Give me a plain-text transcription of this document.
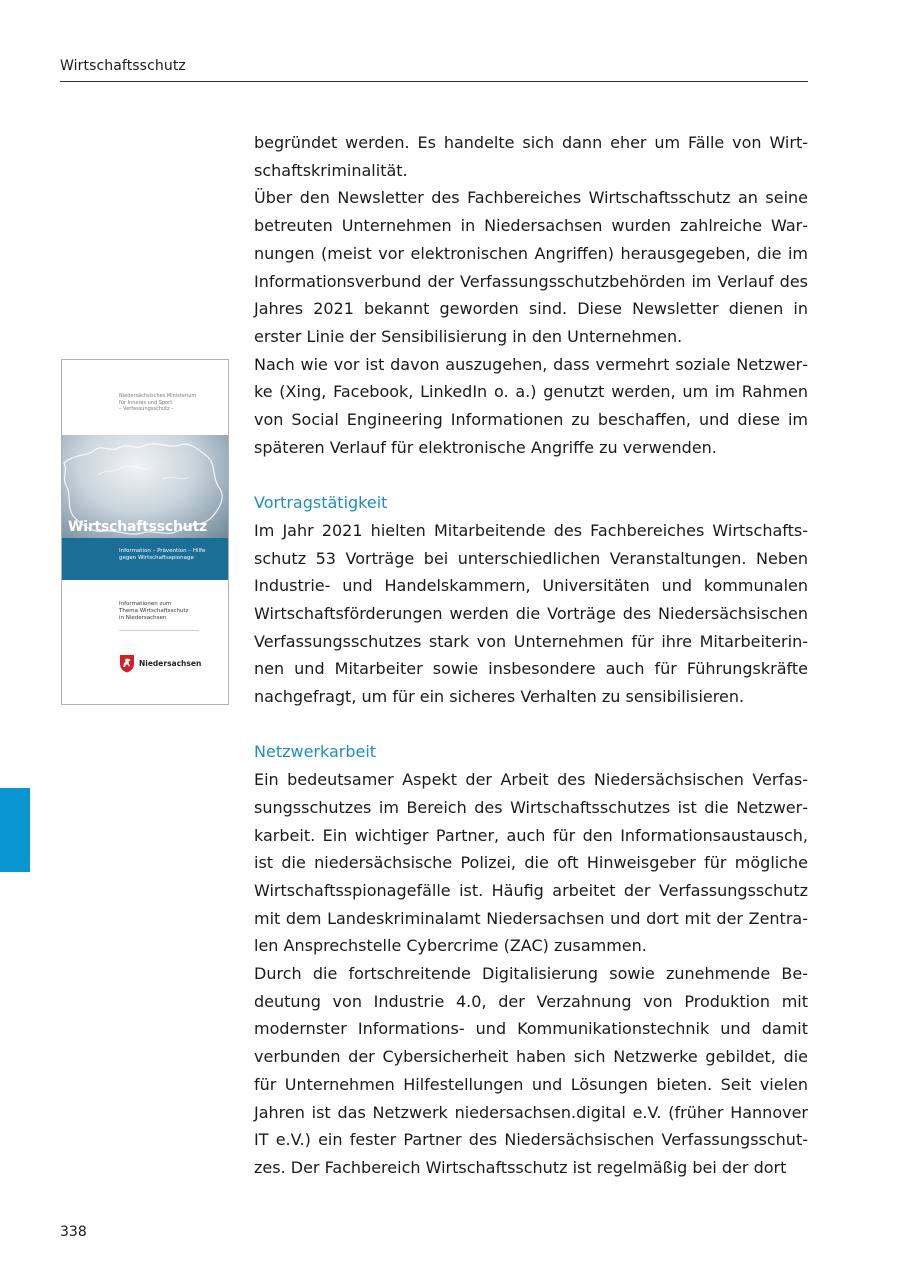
Wirtschaftsschutz
Niedersächsisches Ministerium
für Inneres und Sport
– Verfassungsschutz –
Wirtschaftsschutz
Information – Prävention – Hilfe
gegen Wirtschaftsspionage
Informationen zum
Thema Wirtschaftsschutz
in Niedersachsen
Niedersachsen

begründet werden. Es handelte sich dann eher um Fälle von Wirtschaftskriminalität.

Über den Newsletter des Fachbereiches Wirtschaftsschutz an seine betreuten Unternehmen in Niedersachsen wurden zahlreiche Warnungen (meist vor elektronischen Angriffen) herausgegeben, die im Informationsverbund der Verfassungsschutzbehörden im Verlauf des Jahres 2021 bekannt geworden sind. Diese Newsletter dienen in erster Linie der Sensibilisierung in den Unternehmen.

Nach wie vor ist davon auszugehen, dass vermehrt soziale Netzwerke (Xing, Facebook, LinkedIn o. a.) genutzt werden, um im Rahmen von Social Engineering Informationen zu beschaffen, und diese im späteren Verlauf für elektronische Angriffe zu verwenden.

Vortragstätigkeit

Im Jahr 2021 hielten Mitarbeitende des Fachbereiches Wirtschaftsschutz 53 Vorträge bei unterschiedlichen Veranstaltungen. Neben Industrie- und Handelskammern, Universitäten und kommunalen Wirtschaftsförderungen werden die Vorträge des Niedersächsischen Verfassungsschutzes stark von Unternehmen für ihre Mitarbeiterinnen und Mitarbeiter sowie insbesondere auch für Führungskräfte nachgefragt, um für ein sicheres Verhalten zu sensibilisieren.

Netzwerkarbeit

Ein bedeutsamer Aspekt der Arbeit des Niedersächsischen Verfassungsschutzes im Bereich des Wirtschaftsschutzes ist die Netzwerkarbeit. Ein wichtiger Partner, auch für den Informationsaustausch, ist die niedersächsische Polizei, die oft Hinweisgeber für mögliche Wirtschaftsspionagefälle ist. Häufig arbeitet der Verfassungsschutz mit dem Landeskriminalamt Niedersachsen und dort mit der Zentralen Ansprechstelle Cybercrime (ZAC) zusammen.

Durch die fortschreitende Digitalisierung sowie zunehmende Bedeutung von Industrie 4.0, der Verzahnung von Produktion mit modernster Informations- und Kommunikationstechnik und damit verbunden der Cybersicherheit haben sich Netzwerke gebildet, die für Unternehmen Hilfestellungen und Lösungen bieten. Seit vielen Jahren ist das Netzwerk niedersachsen.digital e.V. (früher Hannover IT e.V.) ein fester Partner des Niedersächsischen Verfassungsschutzes. Der Fachbereich Wirtschaftsschutz ist regelmäßig bei der dort

338
